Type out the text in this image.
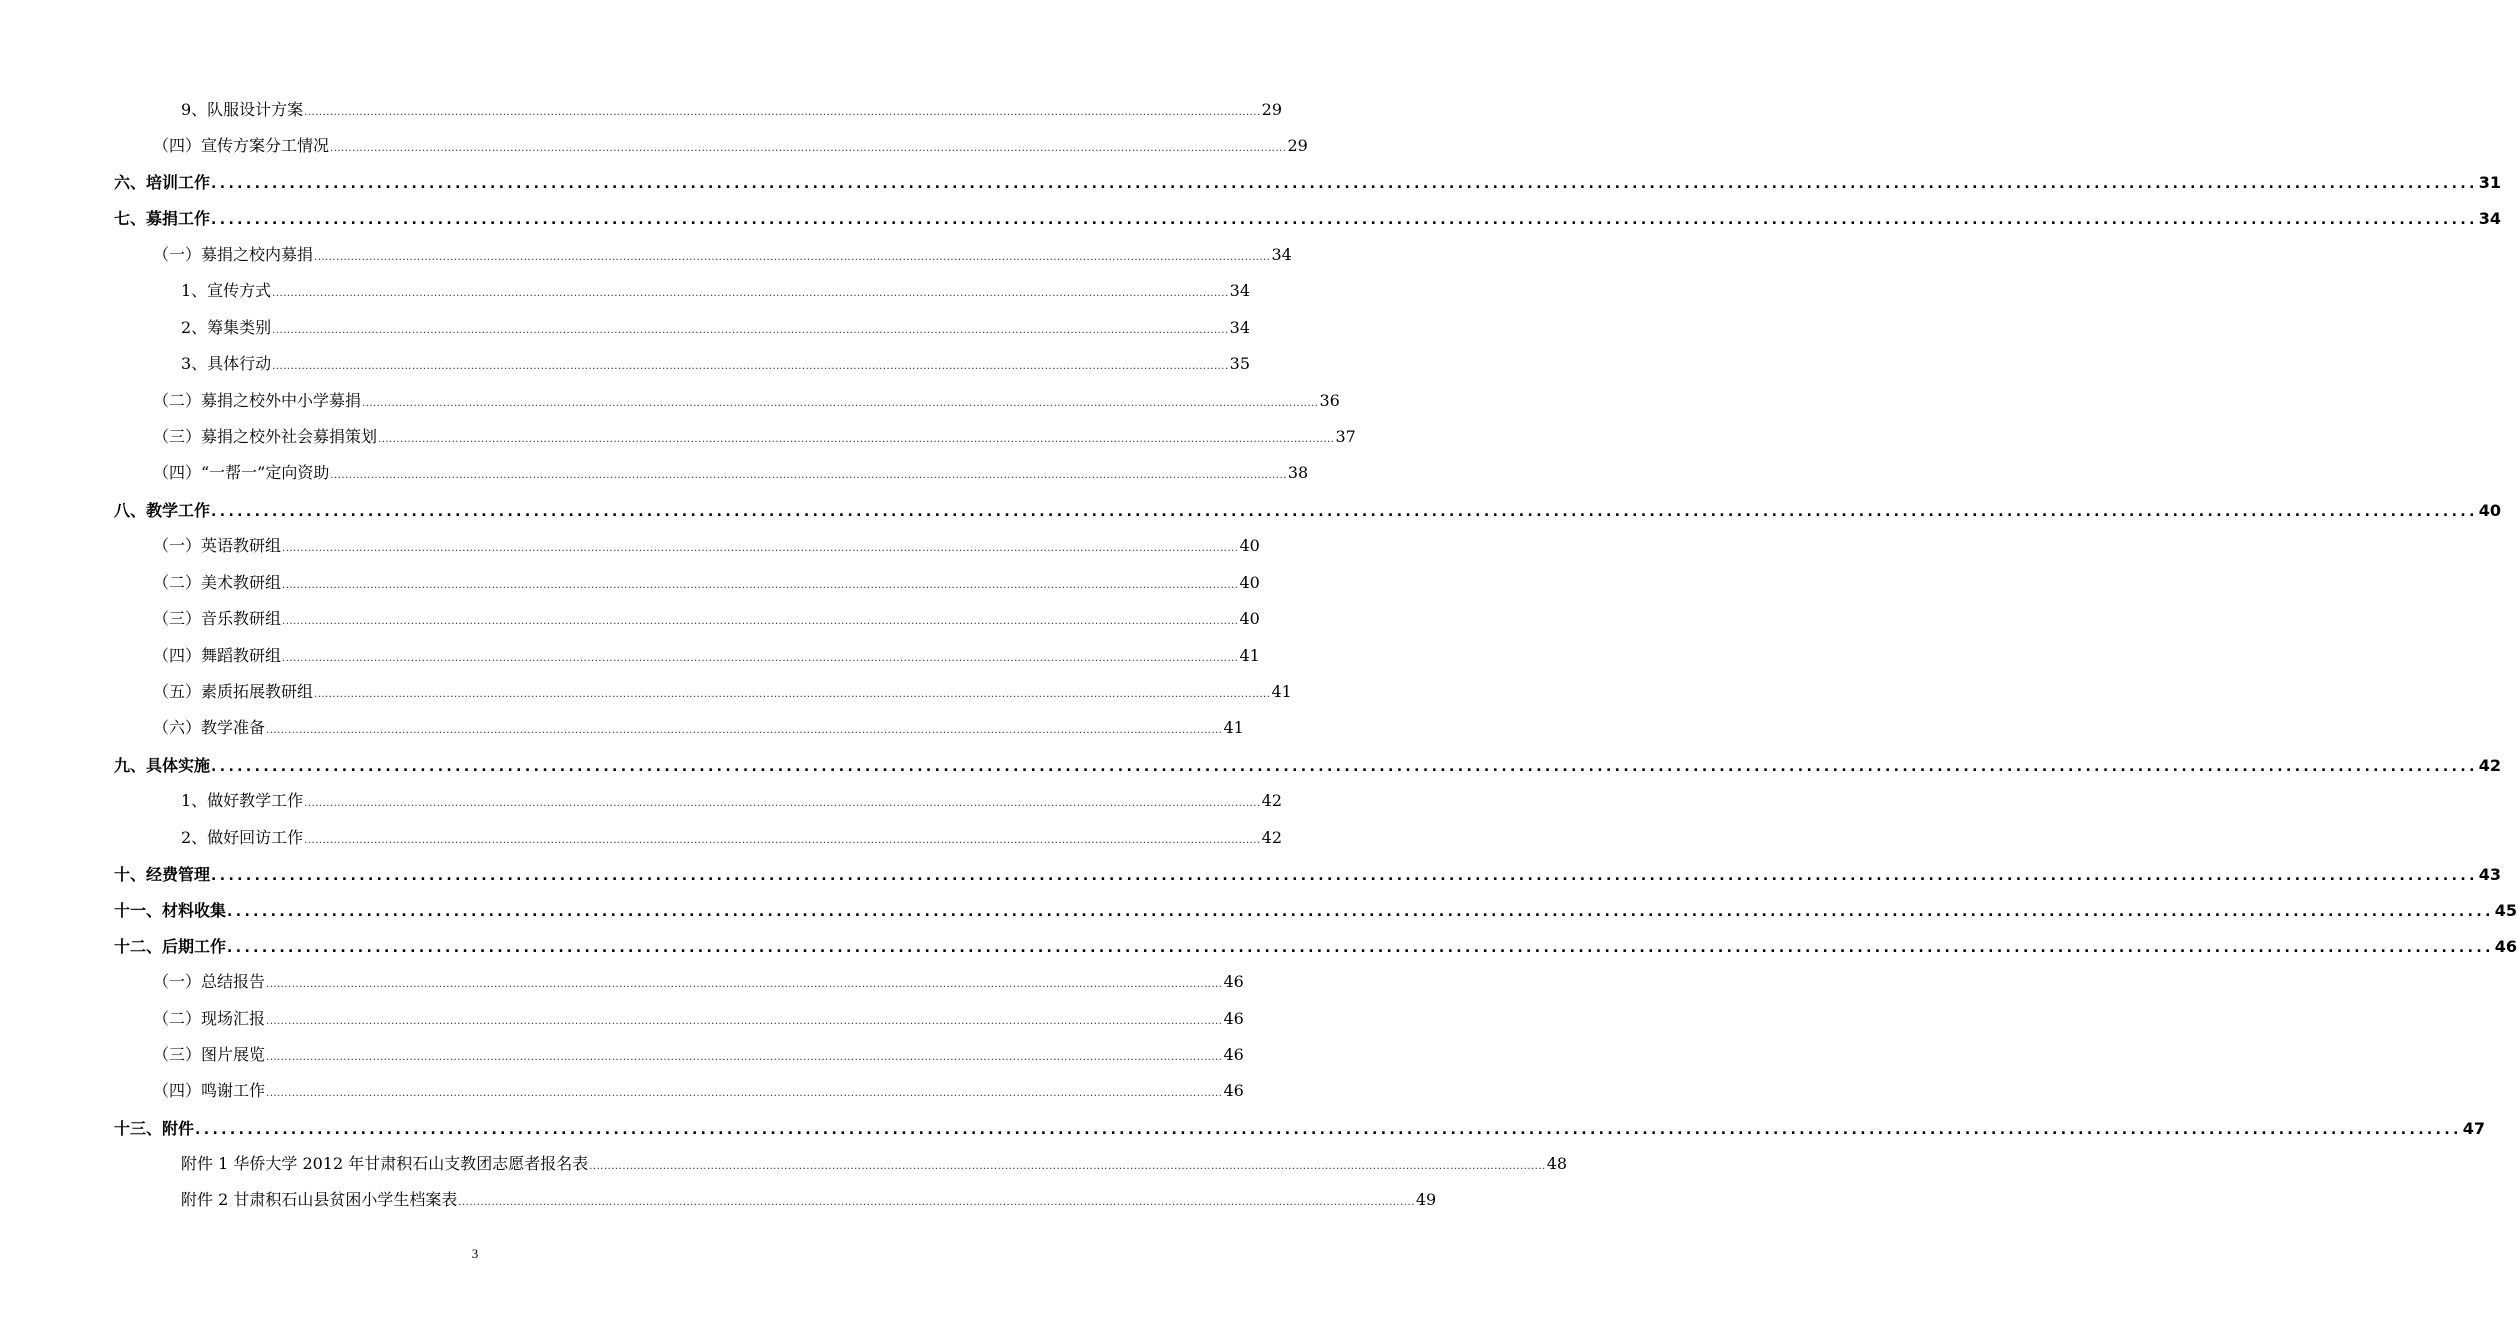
9、队服设计方案 .................................................................................................................................................................................................................................................................... 29
（四）宣传方案分工情况 .................................................................................................................................................................................................................................................................... 29
六、培训工作 .................................................................................................................................................................................................................................................................... 31
七、募捐工作 .................................................................................................................................................................................................................................................................... 34
（一）募捐之校内募捐 .................................................................................................................................................................................................................................................................... 34
1、宣传方式 .................................................................................................................................................................................................................................................................... 34
2、筹集类别 .................................................................................................................................................................................................................................................................... 34
3、具体行动 .................................................................................................................................................................................................................................................................... 35
（二）募捐之校外中小学募捐 .................................................................................................................................................................................................................................................................... 36
（三）募捐之校外社会募捐策划 .................................................................................................................................................................................................................................................................... 37
（四）“一帮一”定向资助 .................................................................................................................................................................................................................................................................... 38
八、教学工作 .................................................................................................................................................................................................................................................................... 40
（一）英语教研组 .................................................................................................................................................................................................................................................................... 40
（二）美术教研组 .................................................................................................................................................................................................................................................................... 40
（三）音乐教研组 .................................................................................................................................................................................................................................................................... 40
（四）舞蹈教研组 .................................................................................................................................................................................................................................................................... 41
（五）素质拓展教研组 .................................................................................................................................................................................................................................................................... 41
（六）教学准备 .................................................................................................................................................................................................................................................................... 41
九、具体实施 .................................................................................................................................................................................................................................................................... 42
1、做好教学工作 .................................................................................................................................................................................................................................................................... 42
2、做好回访工作 .................................................................................................................................................................................................................................................................... 42
十、经费管理 .................................................................................................................................................................................................................................................................... 43
十一、材料收集 .................................................................................................................................................................................................................................................................... 45
十二、后期工作 .................................................................................................................................................................................................................................................................... 46
（一）总结报告 .................................................................................................................................................................................................................................................................... 46
（二）现场汇报 .................................................................................................................................................................................................................................................................... 46
（三）图片展览 .................................................................................................................................................................................................................................................................... 46
（四）鸣谢工作 .................................................................................................................................................................................................................................................................... 46
十三、附件 .................................................................................................................................................................................................................................................................... 47
附件 1 华侨大学 2012 年甘肃积石山支教团志愿者报名表 .................................................................................................................................................................................................................................................................... 48
附件 2 甘肃积石山县贫困小学生档案表 .................................................................................................................................................................................................................................................................... 49
3
